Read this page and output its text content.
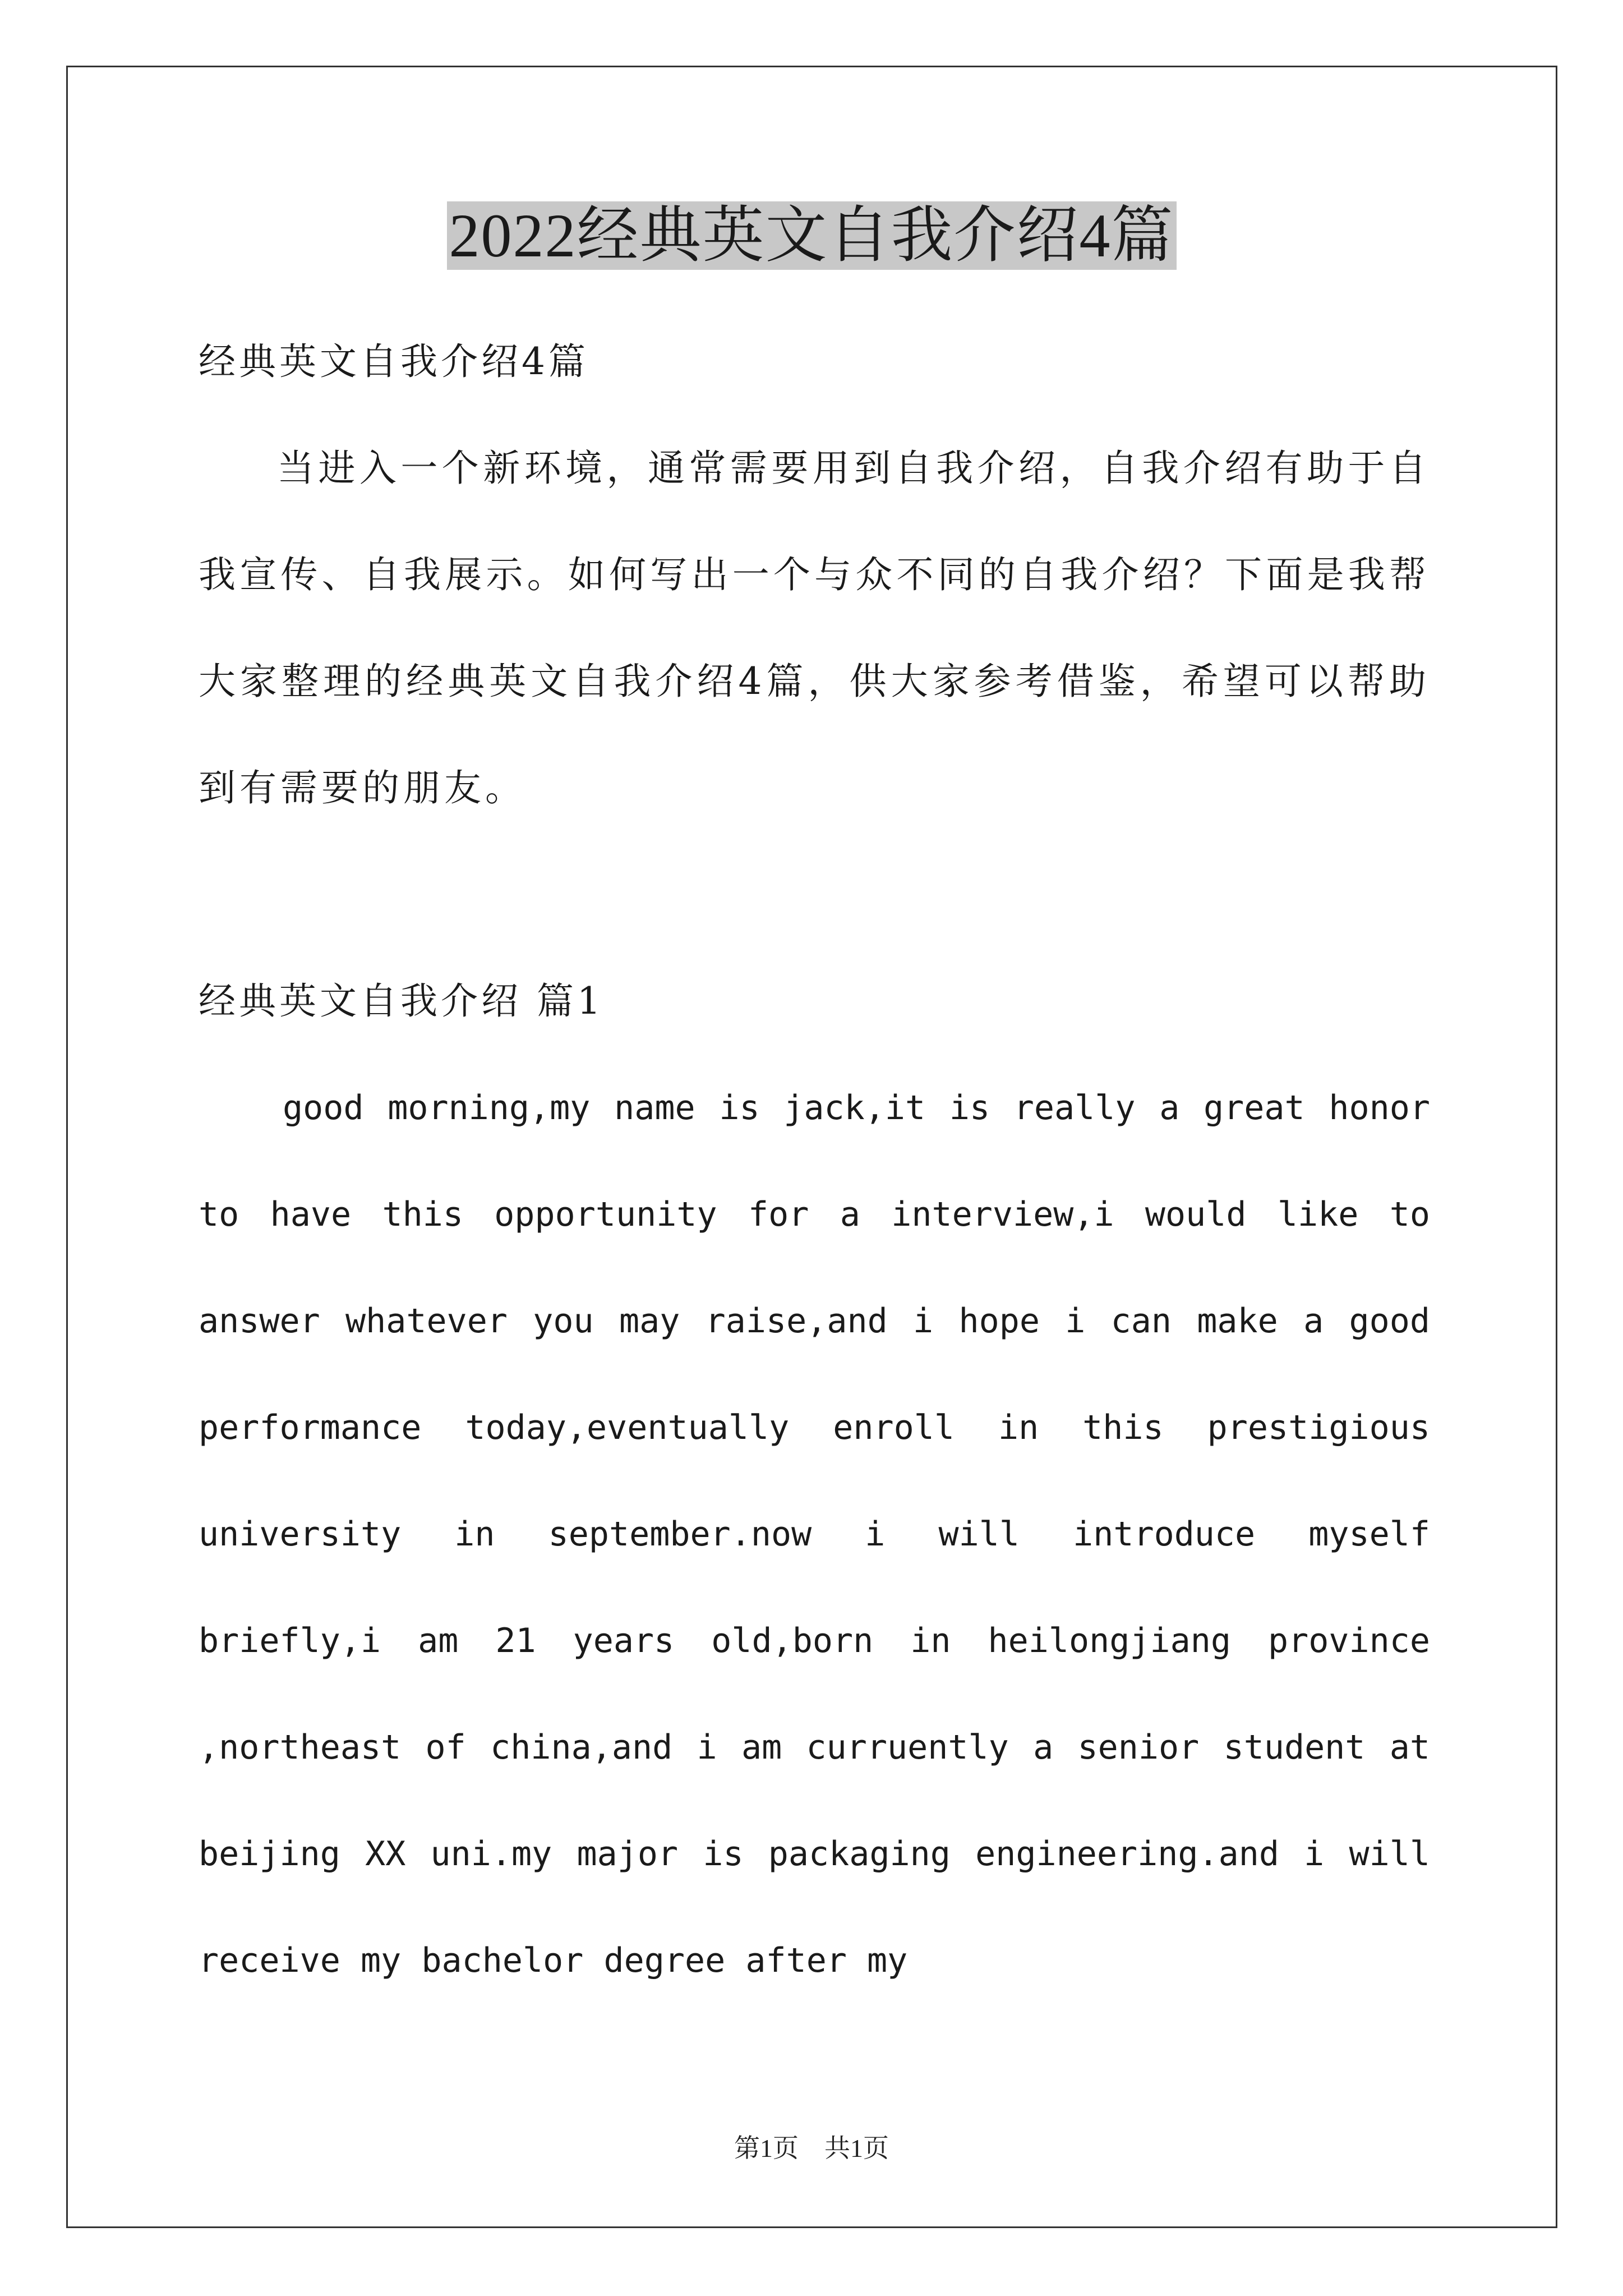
2022经典英文自我介绍4篇

经典英文自我介绍4篇

当进入一个新环境，通常需要用到自我介绍，自我介绍有助于自我宣传、自我展示。如何写出一个与众不同的自我介绍？下面是我帮大家整理的经典英文自我介绍4篇，供大家参考借鉴，希望可以帮助到有需要的朋友。

经典英文自我介绍 篇1

good morning,my name is jack,it is really a great honor to have this opportunity for a interview,i would like to answer whatever you may raise,and i hope i can make a good performance today,eventually enroll in this prestigious university in september.now i will introduce myself briefly,i am 21 years old,born in heilongjiang province ,northeast of china,and i am curruently a senior student at beijing XX uni.my major is packaging engineering.and i will receive my bachelor degree after my

第1页　共1页
